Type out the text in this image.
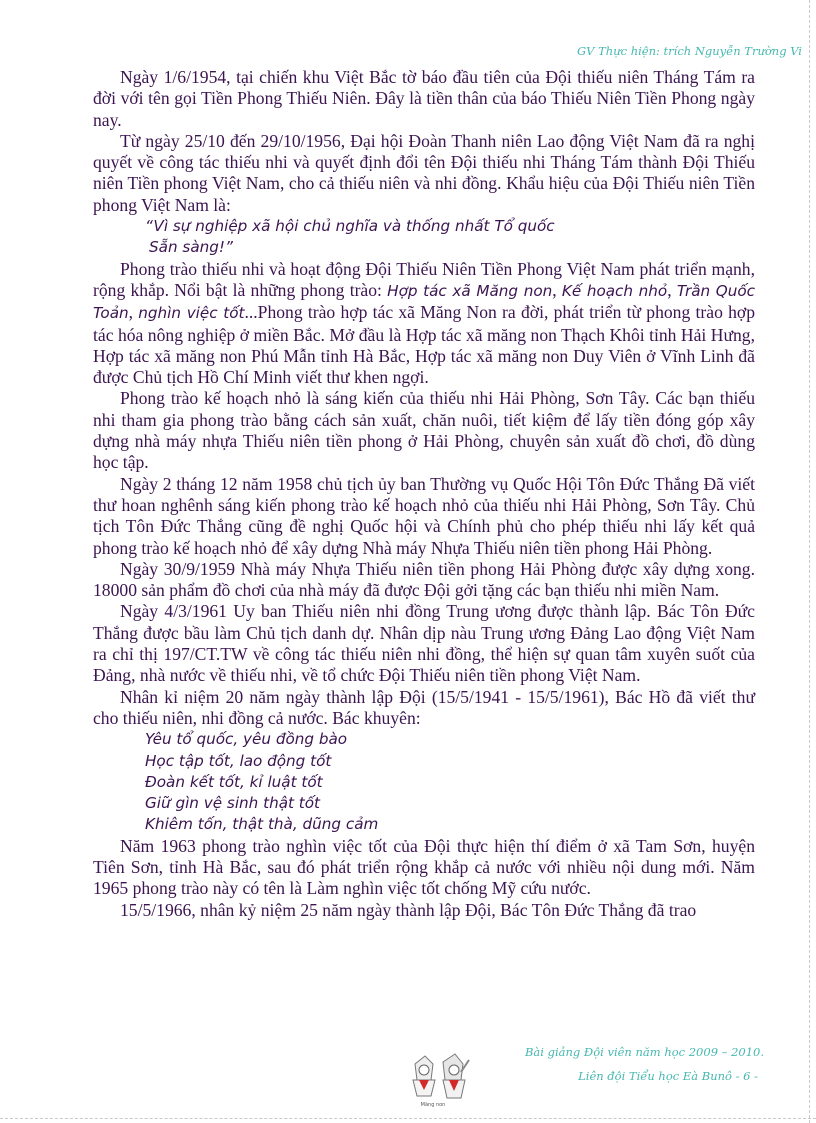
GV Thực hiện: trích Nguyễn Trường Vi

Ngày 1/6/1954, tại chiến khu Việt Bắc tờ báo đầu tiên của Đội thiếu niên Tháng Tám ra đời với tên gọi Tiền Phong Thiếu Niên. Đây là tiền thân của báo Thiếu Niên Tiền Phong ngày nay.

Từ ngày 25/10 đến 29/10/1956, Đại hội Đoàn Thanh niên Lao động Việt Nam đã ra nghị quyết về công tác thiếu nhi và quyết định đổi tên Đội thiếu nhi Tháng Tám thành Đội Thiếu niên Tiền phong Việt Nam, cho cả thiếu niên và nhi đồng. Khẩu hiệu của Đội Thiếu niên Tiền phong Việt Nam là:

“Vì sự nghiệp xã hội chủ nghĩa và thống nhất Tổ quốc
Sẵn sàng!”

Phong trào thiếu nhi và hoạt động Đội Thiếu Niên Tiền Phong Việt Nam phát triển mạnh, rộng khắp. Nổi bật là những phong trào: Hợp tác xã Măng non, Kế hoạch nhỏ, Trần Quốc Toản, nghìn việc tốt...Phong trào hợp tác xã Măng Non ra đời, phát triển từ phong trào hợp tác hóa nông nghiệp ở miền Bắc. Mở đầu là Hợp tác xã măng non Thạch Khôi tỉnh Hải Hưng, Hợp tác xã măng non Phú Mẫn tỉnh Hà Bắc, Hợp tác xã măng non Duy Viên ở Vĩnh Linh đã được Chủ tịch Hồ Chí Minh viết thư khen ngợi.

Phong trào kế hoạch nhỏ là sáng kiến của thiếu nhi Hải Phòng, Sơn Tây. Các bạn thiếu nhi tham gia phong trào bằng cách sản xuất, chăn nuôi, tiết kiệm để lấy tiền đóng góp xây dựng nhà máy nhựa Thiếu niên tiền phong ở Hải Phòng, chuyên sản xuất đồ chơi, đồ dùng học tập.

Ngày 2 tháng 12 năm 1958 chủ tịch ủy ban Thường vụ Quốc Hội Tôn Đức Thắng Đã viết thư hoan nghênh sáng kiến phong trào kế hoạch nhỏ của thiếu nhi Hải Phòng, Sơn Tây. Chủ tịch Tôn Đức Thắng cũng đề nghị Quốc hội và Chính phủ cho phép thiếu nhi lấy kết quả phong trào kế hoạch nhỏ để xây dựng Nhà máy Nhựa Thiếu niên tiền phong Hải Phòng.

Ngày 30/9/1959 Nhà máy Nhựa Thiếu niên tiền phong Hải Phòng được xây dựng xong. 18000 sản phẩm đồ chơi của nhà máy đã được Đội gởi tặng các bạn thiếu nhi miền Nam.

Ngày 4/3/1961 Uy ban Thiếu niên nhi đồng Trung ương được thành lập. Bác Tôn Đức Thắng được bầu làm Chủ tịch danh dự. Nhân dịp nàu Trung ương Đảng Lao động Việt Nam ra chỉ thị 197/CT.TW về công tác thiếu niên nhi đồng, thể hiện sự quan tâm xuyên suốt của Đảng, nhà nước về thiếu nhi, về tổ chức Đội Thiếu niên tiền phong Việt Nam.

Nhân kỉ niệm 20 năm ngày thành lập Đội (15/5/1941 - 15/5/1961), Bác Hồ đã viết thư cho thiếu niên, nhi đồng cả nước. Bác khuyên:

Yêu tổ quốc, yêu đồng bào
Học tập tốt, lao động tốt
Đoàn kết tốt, kỉ luật tốt
Giữ gìn vệ sinh thật tốt
Khiêm tốn, thật thà, dũng cảm

Năm 1963 phong trào nghìn việc tốt của Đội thực hiện thí điểm ở xã Tam Sơn, huyện Tiên Sơn, tỉnh Hà Bắc, sau đó phát triển rộng khắp cả nước với nhiều nội dung mới. Năm 1965 phong trào này có tên là Làm nghìn việc tốt chống Mỹ cứu nước.

15/5/1966, nhân kỷ niệm 25 năm ngày thành lập Đội, Bác Tôn Đức Thắng đã trao

Măng non
Bài giảng Đội viên năm học 2009 – 2010.
Liên đội Tiểu học Eà Bunô - 6 -
